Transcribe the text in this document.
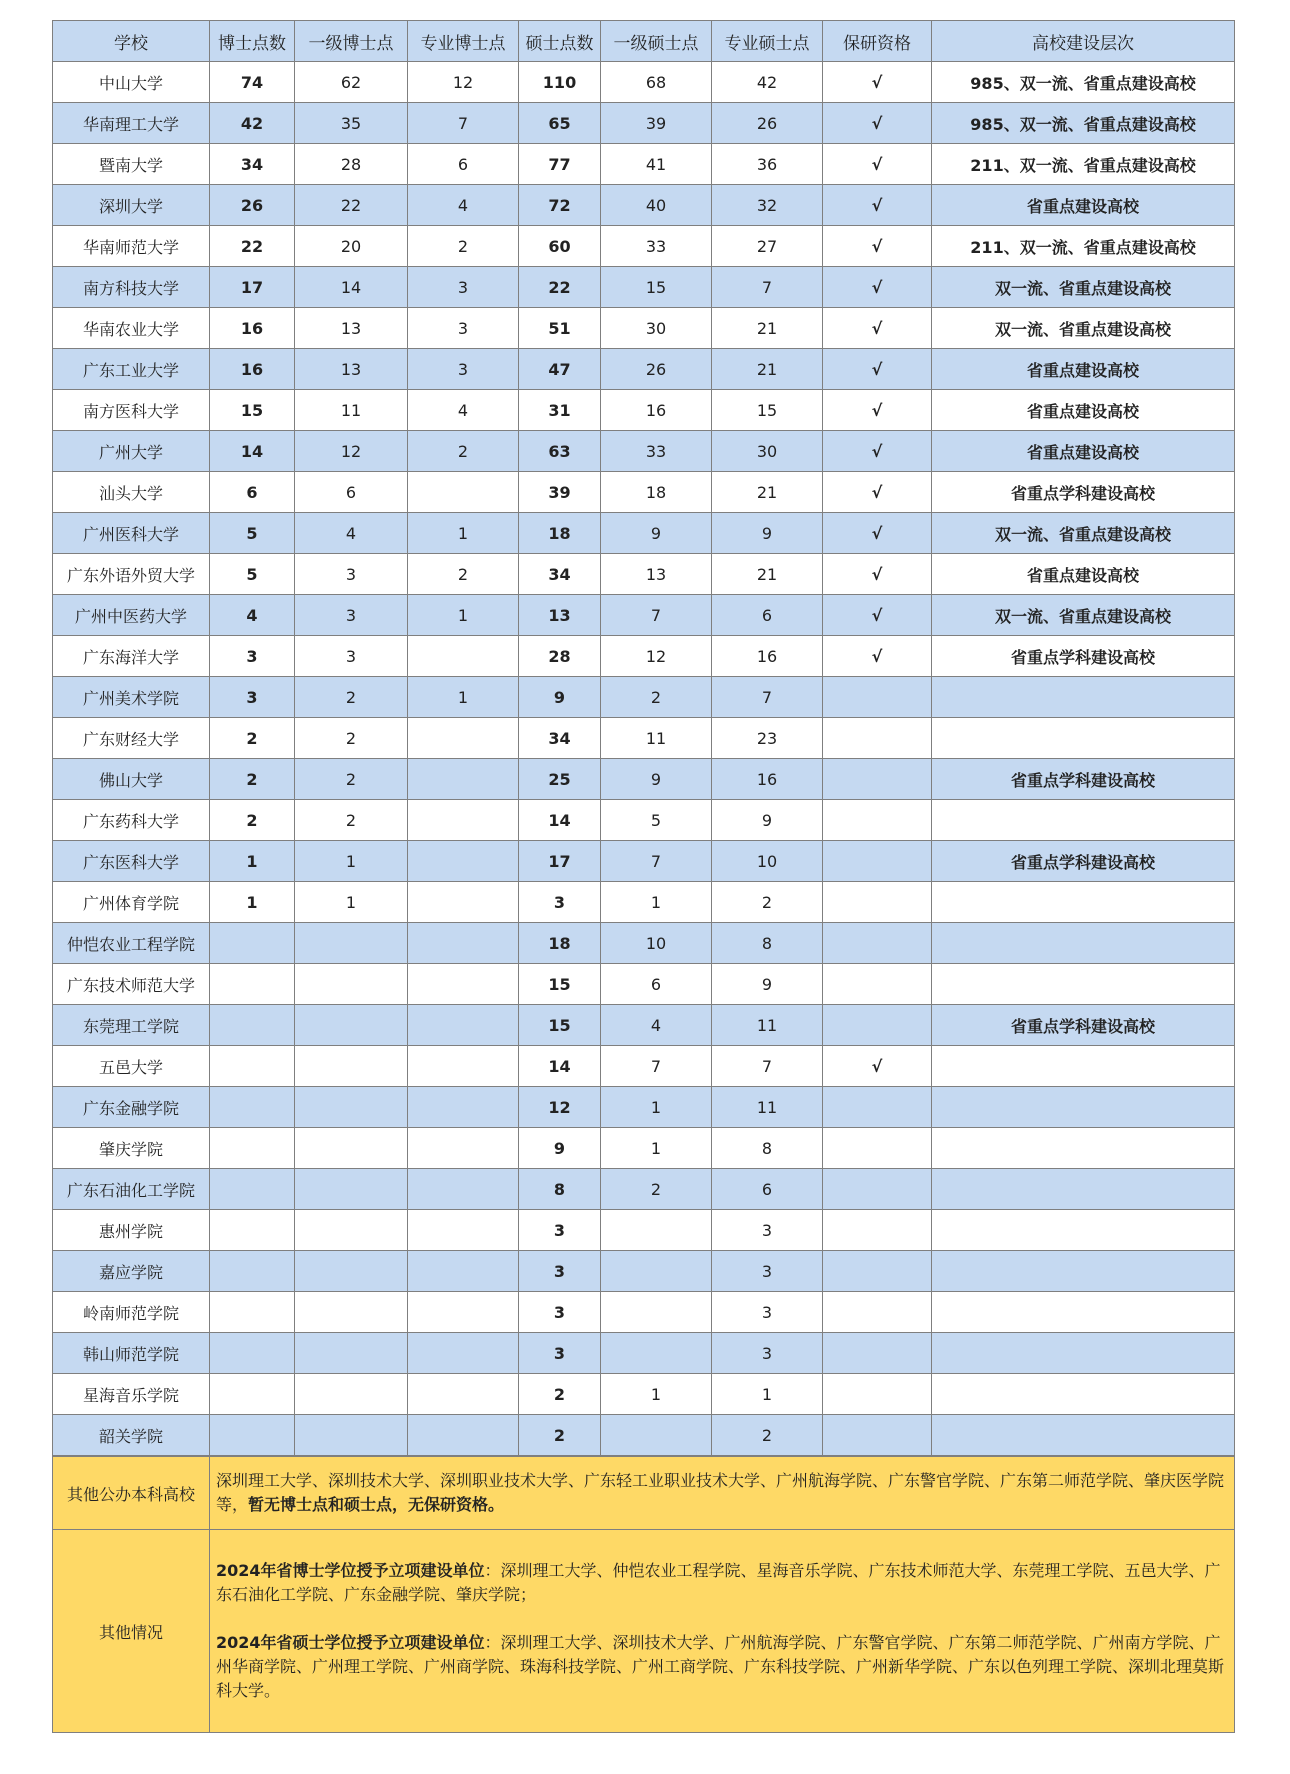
学校	博士点数	一级博士点	专业博士点	硕士点数	一级硕士点	专业硕士点	保研资格	高校建设层次
中山大学	74	62	12	110	68	42	√	985、双一流、省重点建设高校
华南理工大学	42	35	7	65	39	26	√	985、双一流、省重点建设高校
暨南大学	34	28	6	77	41	36	√	211、双一流、省重点建设高校
深圳大学	26	22	4	72	40	32	√	省重点建设高校
华南师范大学	22	20	2	60	33	27	√	211、双一流、省重点建设高校
南方科技大学	17	14	3	22	15	7	√	双一流、省重点建设高校
华南农业大学	16	13	3	51	30	21	√	双一流、省重点建设高校
广东工业大学	16	13	3	47	26	21	√	省重点建设高校
南方医科大学	15	11	4	31	16	15	√	省重点建设高校
广州大学	14	12	2	63	33	30	√	省重点建设高校
汕头大学	6	6		39	18	21	√	省重点学科建设高校
广州医科大学	5	4	1	18	9	9	√	双一流、省重点建设高校
广东外语外贸大学	5	3	2	34	13	21	√	省重点建设高校
广州中医药大学	4	3	1	13	7	6	√	双一流、省重点建设高校
广东海洋大学	3	3		28	12	16	√	省重点学科建设高校
广州美术学院	3	2	1	9	2	7		
广东财经大学	2	2		34	11	23		
佛山大学	2	2		25	9	16		省重点学科建设高校
广东药科大学	2	2		14	5	9		
广东医科大学	1	1		17	7	10		省重点学科建设高校
广州体育学院	1	1		3	1	2		
仲恺农业工程学院				18	10	8		
广东技术师范大学				15	6	9		
东莞理工学院				15	4	11		省重点学科建设高校
五邑大学				14	7	7	√	
广东金融学院				12	1	11		
肇庆学院				9	1	8		
广东石油化工学院				8	2	6		
惠州学院				3		3		
嘉应学院				3		3		
岭南师范学院				3		3		
韩山师范学院				3		3		
星海音乐学院				2	1	1		
韶关学院				2		2		
其他公办本科高校	深圳理工大学、深圳技术大学、深圳职业技术大学、广东轻工业职业技术大学、广州航海学院、广东警官学院、广东第二师范学院、肇庆医学院等，暂无博士点和硕士点，无保研资格。
其他情况	2024年省博士学位授予立项建设单位：深圳理工大学、仲恺农业工程学院、星海音乐学院、广东技术师范大学、东莞理工学院、五邑大学、广东石油化工学院、广东金融学院、肇庆学院；
2024年省硕士学位授予立项建设单位：深圳理工大学、深圳技术大学、广州航海学院、广东警官学院、广东第二师范学院、广州南方学院、广州华商学院、广州理工学院、广州商学院、珠海科技学院、广州工商学院、广东科技学院、广州新华学院、广东以色列理工学院、深圳北理莫斯科大学。
